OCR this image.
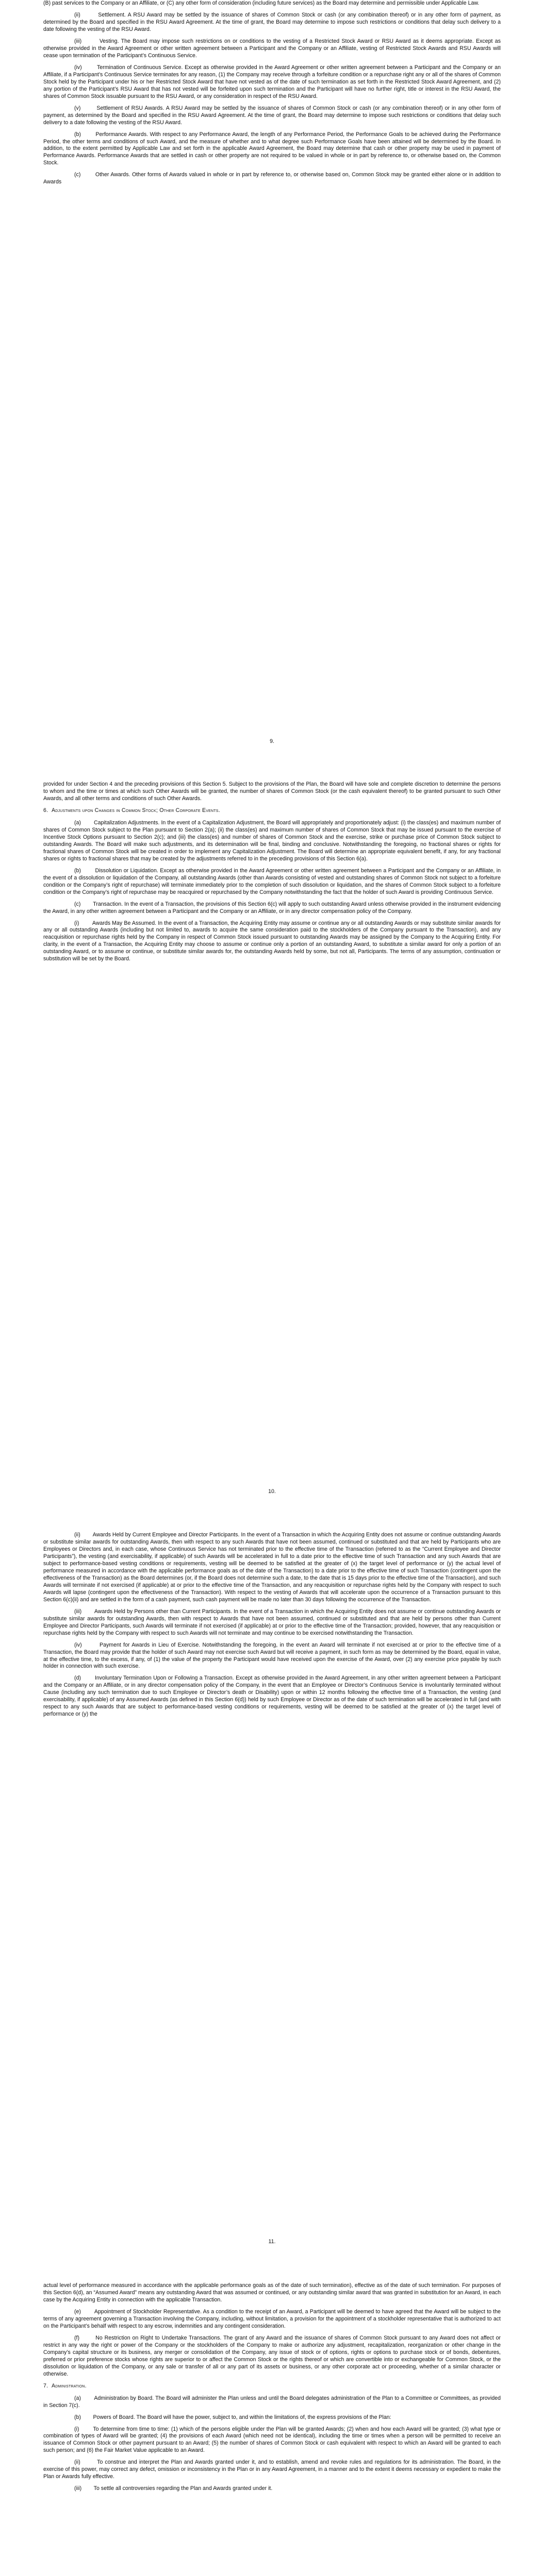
(B) past services to the Company or an Affiliate, or (C) any other form of consideration (including future services) as the Board may determine and permissible under Applicable Law.

(ii)        Settlement. A RSU Award may be settled by the issuance of shares of Common Stock or cash (or any combination thereof) or in any other form of payment, as determined by the Board and specified in the RSU Award Agreement. At the time of grant, the Board may determine to impose such restrictions or conditions that delay such delivery to a date following the vesting of the RSU Award.

(iii)        Vesting. The Board may impose such restrictions on or conditions to the vesting of a Restricted Stock Award or RSU Award as it deems appropriate. Except as otherwise provided in the Award Agreement or other written agreement between a Participant and the Company or an Affiliate, vesting of Restricted Stock Awards and RSU Awards will cease upon termination of the Participant’s Continuous Service.

(iv)        Termination of Continuous Service. Except as otherwise provided in the Award Agreement or other written agreement between a Participant and the Company or an Affiliate, if a Participant’s Continuous Service terminates for any reason, (1) the Company may receive through a forfeiture condition or a repurchase right any or all of the shares of Common Stock held by the Participant under his or her Restricted Stock Award that have not vested as of the date of such termination as set forth in the Restricted Stock Award Agreement, and (2) any portion of the Participant’s RSU Award that has not vested will be forfeited upon such termination and the Participant will have no further right, title or interest in the RSU Award, the shares of Common Stock issuable pursuant to the RSU Award, or any consideration in respect of the RSU Award.

(v)        Settlement of RSU Awards. A RSU Award may be settled by the issuance of shares of Common Stock or cash (or any combination thereof) or in any other form of payment, as determined by the Board and specified in the RSU Award Agreement. At the time of grant, the Board may determine to impose such restrictions or conditions that delay such delivery to a date following the vesting of the RSU Award.

(b)        Performance Awards. With respect to any Performance Award, the length of any Performance Period, the Performance Goals to be achieved during the Performance Period, the other terms and conditions of such Award, and the measure of whether and to what degree such Performance Goals have been attained will be determined by the Board. In addition, to the extent permitted by Applicable Law and set forth in the applicable Award Agreement, the Board may determine that cash or other property may be used in payment of Performance Awards. Performance Awards that are settled in cash or other property are not required to be valued in whole or in part by reference to, or otherwise based on, the Common Stock.

(c)        Other Awards. Other forms of Awards valued in whole or in part by reference to, or otherwise based on, Common Stock may be granted either alone or in addition to Awards

9.

provided for under Section 4 and the preceding provisions of this Section 5. Subject to the provisions of the Plan, the Board will have sole and complete discretion to determine the persons to whom and the time or times at which such Other Awards will be granted, the number of shares of Common Stock (or the cash equivalent thereof) to be granted pursuant to such Other Awards, and all other terms and conditions of such Other Awards.

6. Adjustments upon Changes in Common Stock; Other Corporate Events.

(a)        Capitalization Adjustments. In the event of a Capitalization Adjustment, the Board will appropriately and proportionately adjust: (i) the class(es) and maximum number of shares of Common Stock subject to the Plan pursuant to Section 2(a); (ii) the class(es) and maximum number of shares of Common Stock that may be issued pursuant to the exercise of Incentive Stock Options pursuant to Section 2(c); and (iii) the class(es) and number of shares of Common Stock and the exercise, strike or purchase price of Common Stock subject to outstanding Awards. The Board will make such adjustments, and its determination will be final, binding and conclusive. Notwithstanding the foregoing, no fractional shares or rights for fractional shares of Common Stock will be created in order to implement any Capitalization Adjustment. The Board will determine an appropriate equivalent benefit, if any, for any fractional shares or rights to fractional shares that may be created by the adjustments referred to in the preceding provisions of this Section 6(a).

(b)        Dissolution or Liquidation. Except as otherwise provided in the Award Agreement or other written agreement between a Participant and the Company or an Affiliate, in the event of a dissolution or liquidation of the Company, all outstanding Awards (other than Awards consisting of vested and outstanding shares of Common Stock not subject to a forfeiture condition or the Company’s right of repurchase) will terminate immediately prior to the completion of such dissolution or liquidation, and the shares of Common Stock subject to a forfeiture condition or the Company’s right of repurchase may be reacquired or repurchased by the Company notwithstanding the fact that the holder of such Award is providing Continuous Service.

(c)        Transaction. In the event of a Transaction, the provisions of this Section 6(c) will apply to such outstanding Award unless otherwise provided in the instrument evidencing the Award, in any other written agreement between a Participant and the Company or an Affiliate, or in any director compensation policy of the Company.

(i)        Awards May Be Assumed. In the event of a Transaction, the Acquiring Entity may assume or continue any or all outstanding Awards or may substitute similar awards for any or all outstanding Awards (including but not limited to, awards to acquire the same consideration paid to the stockholders of the Company pursuant to the Transaction), and any reacquisition or repurchase rights held by the Company in respect of Common Stock issued pursuant to outstanding Awards may be assigned by the Company to the Acquiring Entity. For clarity, in the event of a Transaction, the Acquiring Entity may choose to assume or continue only a portion of an outstanding Award, to substitute a similar award for only a portion of an outstanding Award, or to assume or continue, or substitute similar awards for, the outstanding Awards held by some, but not all, Participants. The terms of any assumption, continuation or substitution will be set by the Board.

10.

(ii)        Awards Held by Current Employee and Director Participants. In the event of a Transaction in which the Acquiring Entity does not assume or continue outstanding Awards or substitute similar awards for outstanding Awards, then with respect to any such Awards that have not been assumed, continued or substituted and that are held by Participants who are Employees or Directors and, in each case, whose Continuous Service has not terminated prior to the effective time of the Transaction (referred to as the “Current Employee and Director Participants”), the vesting (and exercisability, if applicable) of such Awards will be accelerated in full to a date prior to the effective time of such Transaction and any such Awards that are subject to performance-based vesting conditions or requirements, vesting will be deemed to be satisfied at the greater of (x) the target level of performance or (y) the actual level of performance measured in accordance with the applicable performance goals as of the date of the Transaction) to a date prior to the effective time of such Transaction (contingent upon the effectiveness of the Transaction) as the Board determines (or, if the Board does not determine such a date, to the date that is 15 days prior to the effective time of the Transaction), and such Awards will terminate if not exercised (if applicable) at or prior to the effective time of the Transaction, and any reacquisition or repurchase rights held by the Company with respect to such Awards will lapse (contingent upon the effectiveness of the Transaction). With respect to the vesting of Awards that will accelerate upon the occurrence of a Transaction pursuant to this Section 6(c)(ii) and are settled in the form of a cash payment, such cash payment will be made no later than 30 days following the occurrence of the Transaction.

(iii)        Awards Held by Persons other than Current Participants. In the event of a Transaction in which the Acquiring Entity does not assume or continue outstanding Awards or substitute similar awards for outstanding Awards, then with respect to Awards that have not been assumed, continued or substituted and that are held by persons other than Current Employee and Director Participants, such Awards will terminate if not exercised (if applicable) at or prior to the effective time of the Transaction; provided, however, that any reacquisition or repurchase rights held by the Company with respect to such Awards will not terminate and may continue to be exercised notwithstanding the Transaction.

(iv)        Payment for Awards in Lieu of Exercise. Notwithstanding the foregoing, in the event an Award will terminate if not exercised at or prior to the effective time of a Transaction, the Board may provide that the holder of such Award may not exercise such Award but will receive a payment, in such form as may be determined by the Board, equal in value, at the effective time, to the excess, if any, of (1) the value of the property the Participant would have received upon the exercise of the Award, over (2) any exercise price payable by such holder in connection with such exercise.

(d)        Involuntary Termination Upon or Following a Transaction. Except as otherwise provided in the Award Agreement, in any other written agreement between a Participant and the Company or an Affiliate, or in any director compensation policy of the Company, in the event that an Employee or Director’s Continuous Service is involuntarily terminated without Cause (including any such termination due to such Employee or Director’s death or Disability) upon or within 12 months following the effective time of a Transaction, the vesting (and exercisability, if applicable) of any Assumed Awards (as defined in this Section 6(d)) held by such Employee or Director as of the date of such termination will be accelerated in full (and with respect to any such Awards that are subject to performance-based vesting conditions or requirements, vesting will be deemed to be satisfied at the greater of (x) the target level of performance or (y) the

11.

actual level of performance measured in accordance with the applicable performance goals as of the date of such termination), effective as of the date of such termination. For purposes of this Section 6(d), an “Assumed Award” means any outstanding Award that was assumed or continued, or any outstanding similar award that was granted in substitution for an Award, in each case by the Acquiring Entity in connection with the applicable Transaction.

(e)        Appointment of Stockholder Representative. As a condition to the receipt of an Award, a Participant will be deemed to have agreed that the Award will be subject to the terms of any agreement governing a Transaction involving the Company, including, without limitation, a provision for the appointment of a stockholder representative that is authorized to act on the Participant’s behalf with respect to any escrow, indemnities and any contingent consideration.

(f)        No Restriction on Right to Undertake Transactions. The grant of any Award and the issuance of shares of Common Stock pursuant to any Award does not affect or restrict in any way the right or power of the Company or the stockholders of the Company to make or authorize any adjustment, recapitalization, reorganization or other change in the Company’s capital structure or its business, any merger or consolidation of the Company, any issue of stock or of options, rights or options to purchase stock or of bonds, debentures, preferred or prior preference stocks whose rights are superior to or affect the Common Stock or the rights thereof or which are convertible into or exchangeable for Common Stock, or the dissolution or liquidation of the Company, or any sale or transfer of all or any part of its assets or business, or any other corporate act or proceeding, whether of a similar character or otherwise.

7. Administration.

(a)        Administration by Board. The Board will administer the Plan unless and until the Board delegates administration of the Plan to a Committee or Committees, as provided in Section 7(c).

(b)        Powers of Board. The Board will have the power, subject to, and within the limitations of, the express provisions of the Plan:

(i)        To determine from time to time: (1) which of the persons eligible under the Plan will be granted Awards; (2) when and how each Award will be granted; (3) what type or combination of types of Award will be granted; (4) the provisions of each Award (which need not be identical), including the time or times when a person will be permitted to receive an issuance of Common Stock or other payment pursuant to an Award; (5) the number of shares of Common Stock or cash equivalent with respect to which an Award will be granted to each such person; and (6) the Fair Market Value applicable to an Award.

(ii)        To construe and interpret the Plan and Awards granted under it, and to establish, amend and revoke rules and regulations for its administration. The Board, in the exercise of this power, may correct any defect, omission or inconsistency in the Plan or in any Award Agreement, in a manner and to the extent it deems necessary or expedient to make the Plan or Awards fully effective.

(iii)        To settle all controversies regarding the Plan and Awards granted under it.
